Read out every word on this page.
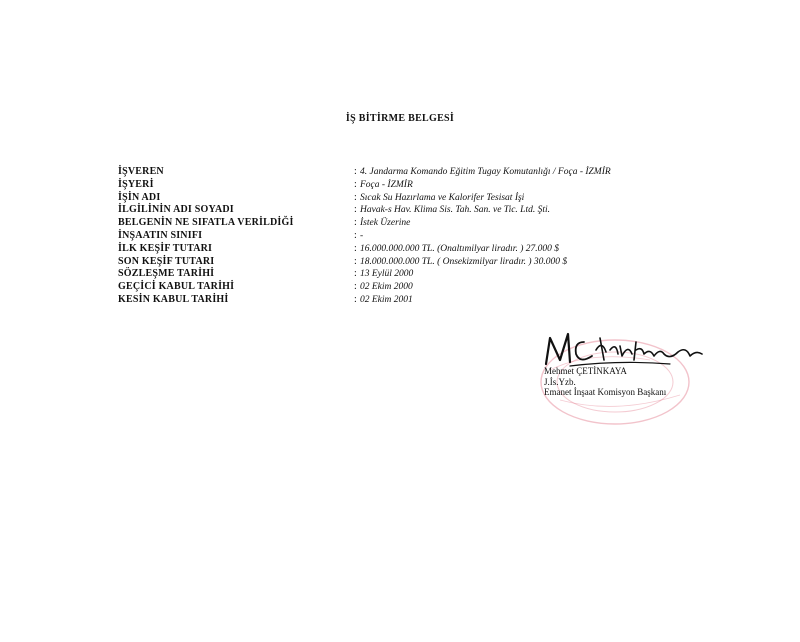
İŞ BİTİRME BELGESİ
İŞVEREN	: 4. Jandarma Komando Eğitim Tugay Komutanlığı / Foça - İZMİR
İŞYERİ	: Foça - İZMİR
İŞİN ADI	: Sıcak Su Hazırlama ve Kalorifer Tesisat İşi
İLGİLİNİN ADI SOYADI	: Havak-s Hav. Klima Sis. Tah. San. ve Tic. Ltd. Şti.
BELGENİN NE SIFATLA VERİLDİĞİ	: İstek Üzerine
İNŞAATIN SINIFI	: -
İLK KEŞİF TUTARI	: 16.000.000.000 TL. (Onaltımilyar liradır. ) 27.000 $
SON KEŞİF TUTARI	: 18.000.000.000 TL. ( Onsekizmilyar liradır. ) 30.000 $
SÖZLEŞME TARİHİ	: 13 Eylül 2000
GEÇİCİ KABUL TARİHİ	: 02 Ekim 2000
KESİN KABUL TARİHİ	: 02 Ekim 2001
Mehmet ÇETİNKAYA
J.İs.Yzb.
Emanet İnşaat Komisyon Başkanı
